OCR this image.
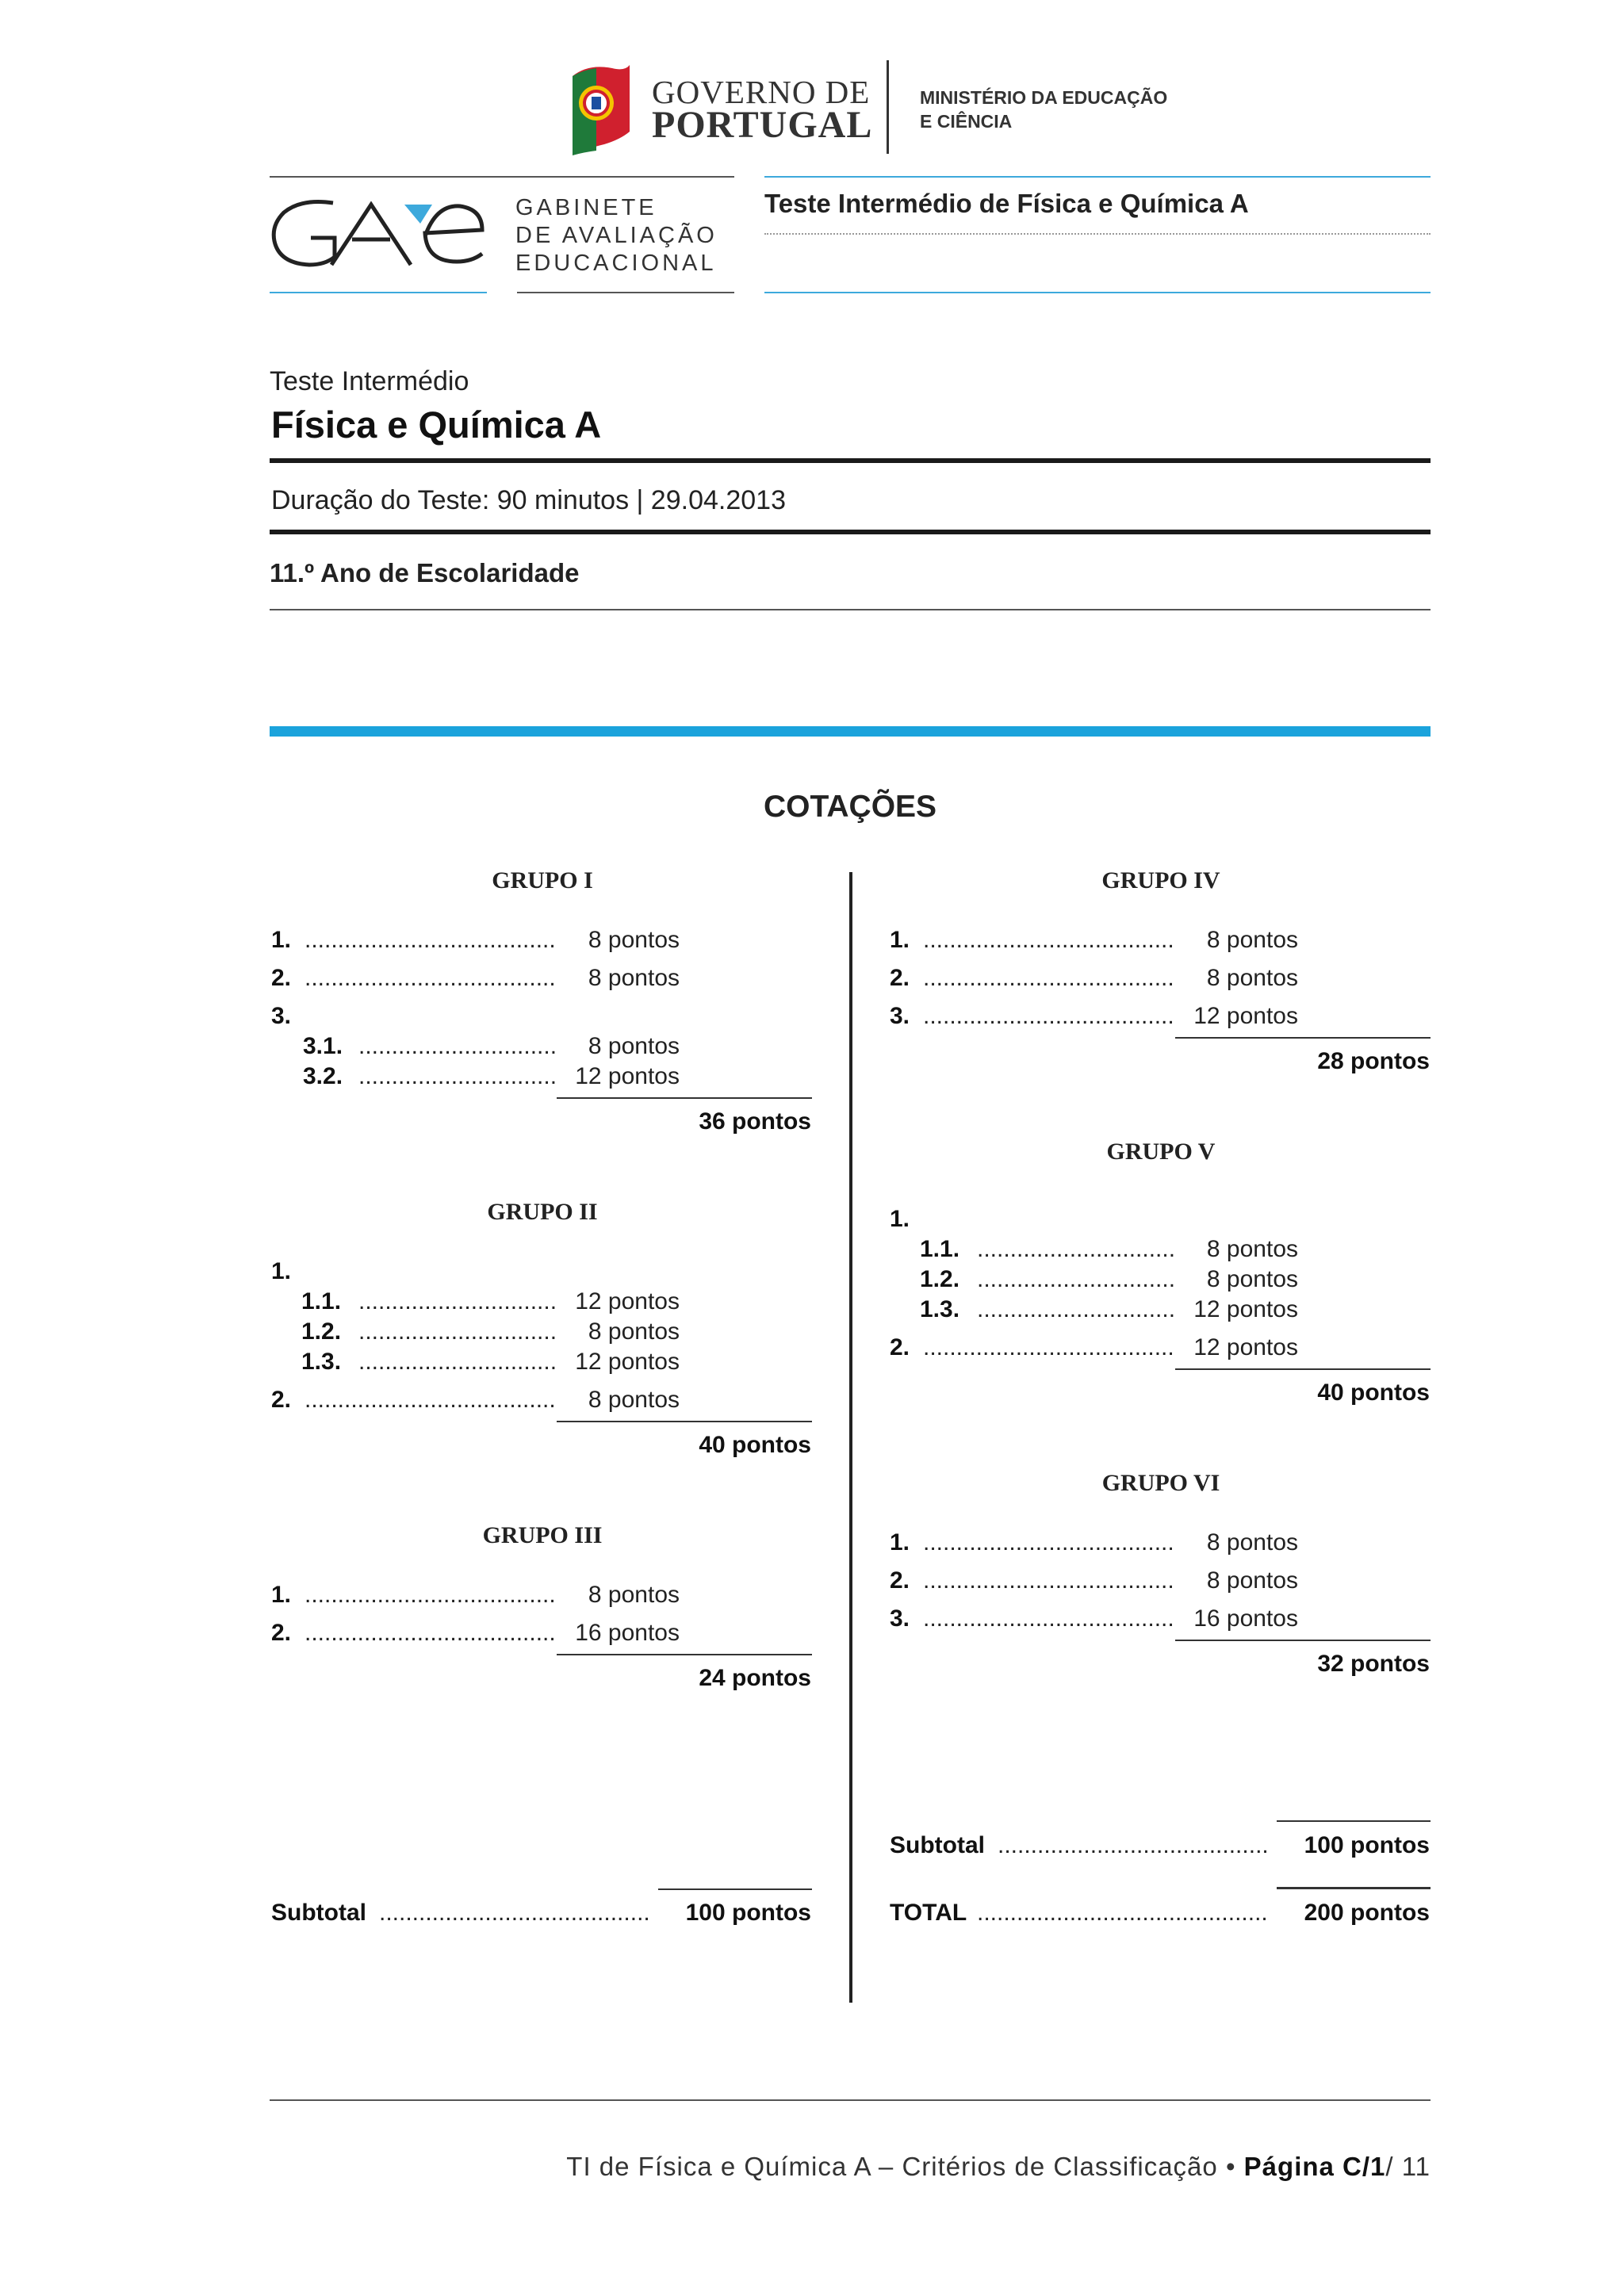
GOVERNO DE
PORTUGAL
MINISTÉRIO DA EDUCAÇÃO
E CIÊNCIA
GABINETE
DE AVALIAÇÃO
EDUCACIONAL
Teste Intermédio de Física e Química A
Teste Intermédio
Física e Química A
Duração do Teste: 90 minutos | 29.04.2013
11.º Ano de Escolaridade
COTAÇÕES
GRUPO I
1. ......................................	8 pontos
2. ......................................	8 pontos
3.
3.1. ..............................	8 pontos
3.2. .............................. 12 pontos
36 pontos
GRUPO II
1.
1.1. .............................. 12 pontos
1.2. ..............................	8 pontos
1.3. .............................. 12 pontos
2. ......................................	8 pontos
40 pontos
GRUPO III
1. ......................................	8 pontos
2. ...................................... 16 pontos
24 pontos
Subtotal .........................................	100 pontos
GRUPO IV
1. ......................................	8 pontos
2. ......................................	8 pontos
3. ...................................... 12 pontos
28 pontos
GRUPO V
1.
1.1. ..............................	8 pontos
1.2. ..............................	8 pontos
1.3. .............................. 12 pontos
2. ...................................... 12 pontos
40 pontos
GRUPO VI
1. ......................................	8 pontos
2. ......................................	8 pontos
3. ...................................... 16 pontos
32 pontos
Subtotal .........................................	100 pontos
TOTAL ............................................	200 pontos
TI de Física e Química A – Critérios de Classificação • Página C/1/ 11
